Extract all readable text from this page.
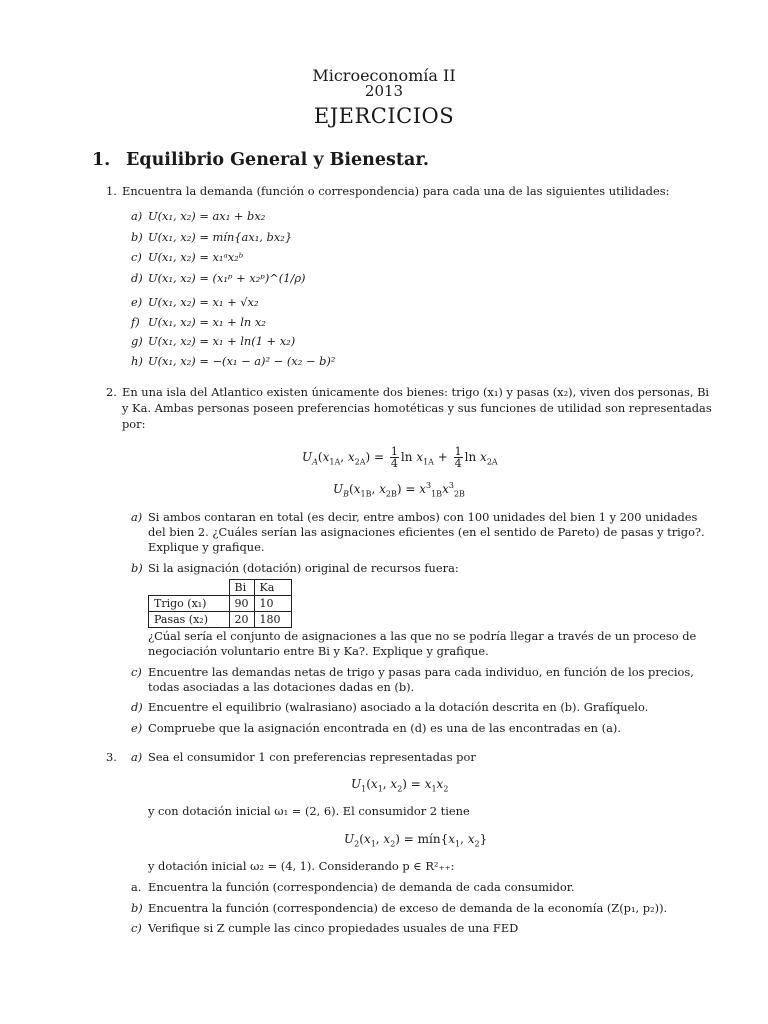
Microeconomía II
2013
EJERCICIOS
1. Equilibrio General y Bienestar.
1. Encuentra la demanda (función o correspondencia) para cada una de las siguientes utilidades:
a) U(x₁, x₂) = ax₁ + bx₂
b) U(x₁, x₂) = mín{ax₁, bx₂}
c) U(x₁, x₂) = x₁ᵃx₂ᵇ
d) U(x₁, x₂) = (x₁ᵖ + x₂ᵖ)^(1/ρ)
e) U(x₁, x₂) = x₁ + √x₂
f) U(x₁, x₂) = x₁ + ln x₂
g) U(x₁, x₂) = x₁ + ln(1 + x₂)
h) U(x₁, x₂) = −(x₁ − a)² − (x₂ − b)²
2. En una isla del Atlantico existen únicamente dos bienes: trigo (x₁) y pasas (x₂), viven dos personas, Bi
y Ka. Ambas personas poseen preferencias homotéticas y sus funciones de utilidad son representadas
por:
$U_A(x_{1A}$, $x_{2A}) = \frac{1}{4}$ $\ln x_{1A} + \frac{1}{4}$ $\ln x_{2A}$
$U_B(x_{1B}$, $x_{2B}) = x^3_{1B}x^3_{2B}$
a) Si ambos contaran en total (es decir, entre ambos) con 100 unidades del bien 1 y 200 unidades
del bien 2. ¿Cuáles serían las asignaciones eficientes (en el sentido de Pareto) de pasas y trigo?.
Explique y grafique.
b) Si la asignación (dotación) original de recursos fuera:
	Bi	Ka
Trigo (x₁)	90	10
Pasas (x₂)	20	180
¿Cúal sería el conjunto de asignaciones a las que no se podría llegar a través de un proceso de
negociación voluntario entre Bi y Ka?. Explique y grafique.
c) Encuentre las demandas netas de trigo y pasas para cada individuo, en función de los precios,
todas asociadas a las dotaciones dadas en (b).
d) Encuentre el equilibrio (walrasiano) asociado a la dotación descrita en (b). Grafíquelo.
e) Compruebe que la asignación encontrada en (d) es una de las encontradas en (a).
3. a) Sea el consumidor 1 con preferencias representadas por
$U_1(x_1$, $x_2) = x_1x_2$
y con dotación inicial ω₁ = (2, 6). El consumidor 2 tiene
$U_2(x_1$, $x_2$) = $mín\{x_1$, $x_2$}
y dotación inicial ω₂ = (4, 1). Considerando p ∈ R²₊₊:
a. Encuentra la función (correspondencia) de demanda de cada consumidor.
b) Encuentra la función (correspondencia) de exceso de demanda de la economía (Z(p₁, p₂)).
c) Verifique si Z cumple las cinco propiedades usuales de una FED
